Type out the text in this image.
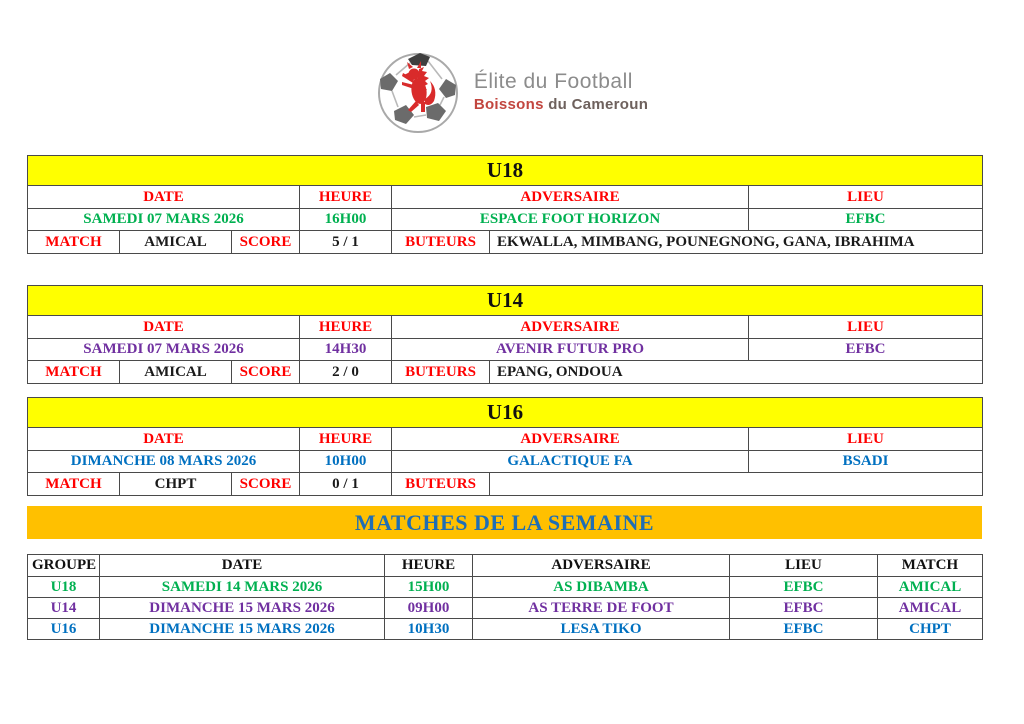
Élite du Football
Boissons du Cameroun
U18						
DATE			HEURE	ADVERSAIRE		LIEU
SAMEDI 07 MARS 2026			16H00	ESPACE FOOT HORIZON		EFBC
MATCH	AMICAL	SCORE	5 / 1	BUTEURS	EKWALLA, MIMBANG, POUNEGNONG, GANA, IBRAHIMA	
U14						
DATE			HEURE	ADVERSAIRE		LIEU
SAMEDI 07 MARS 2026			14H30	AVENIR FUTUR PRO		EFBC
MATCH	AMICAL	SCORE	2 / 0	BUTEURS	EPANG, ONDOUA	
U16						
DATE			HEURE	ADVERSAIRE		LIEU
DIMANCHE 08 MARS 2026			10H00	GALACTIQUE FA		BSADI
MATCH	CHPT	SCORE	0 / 1	BUTEURS		
MATCHES DE LA SEMAINE
GROUPE	DATE	HEURE	ADVERSAIRE	LIEU	MATCH
U18	SAMEDI 14 MARS 2026	15H00	AS DIBAMBA	EFBC	AMICAL
U14	DIMANCHE 15 MARS 2026	09H00	AS TERRE DE FOOT	EFBC	AMICAL
U16	DIMANCHE 15 MARS 2026	10H30	LESA TIKO	EFBC	CHPT
